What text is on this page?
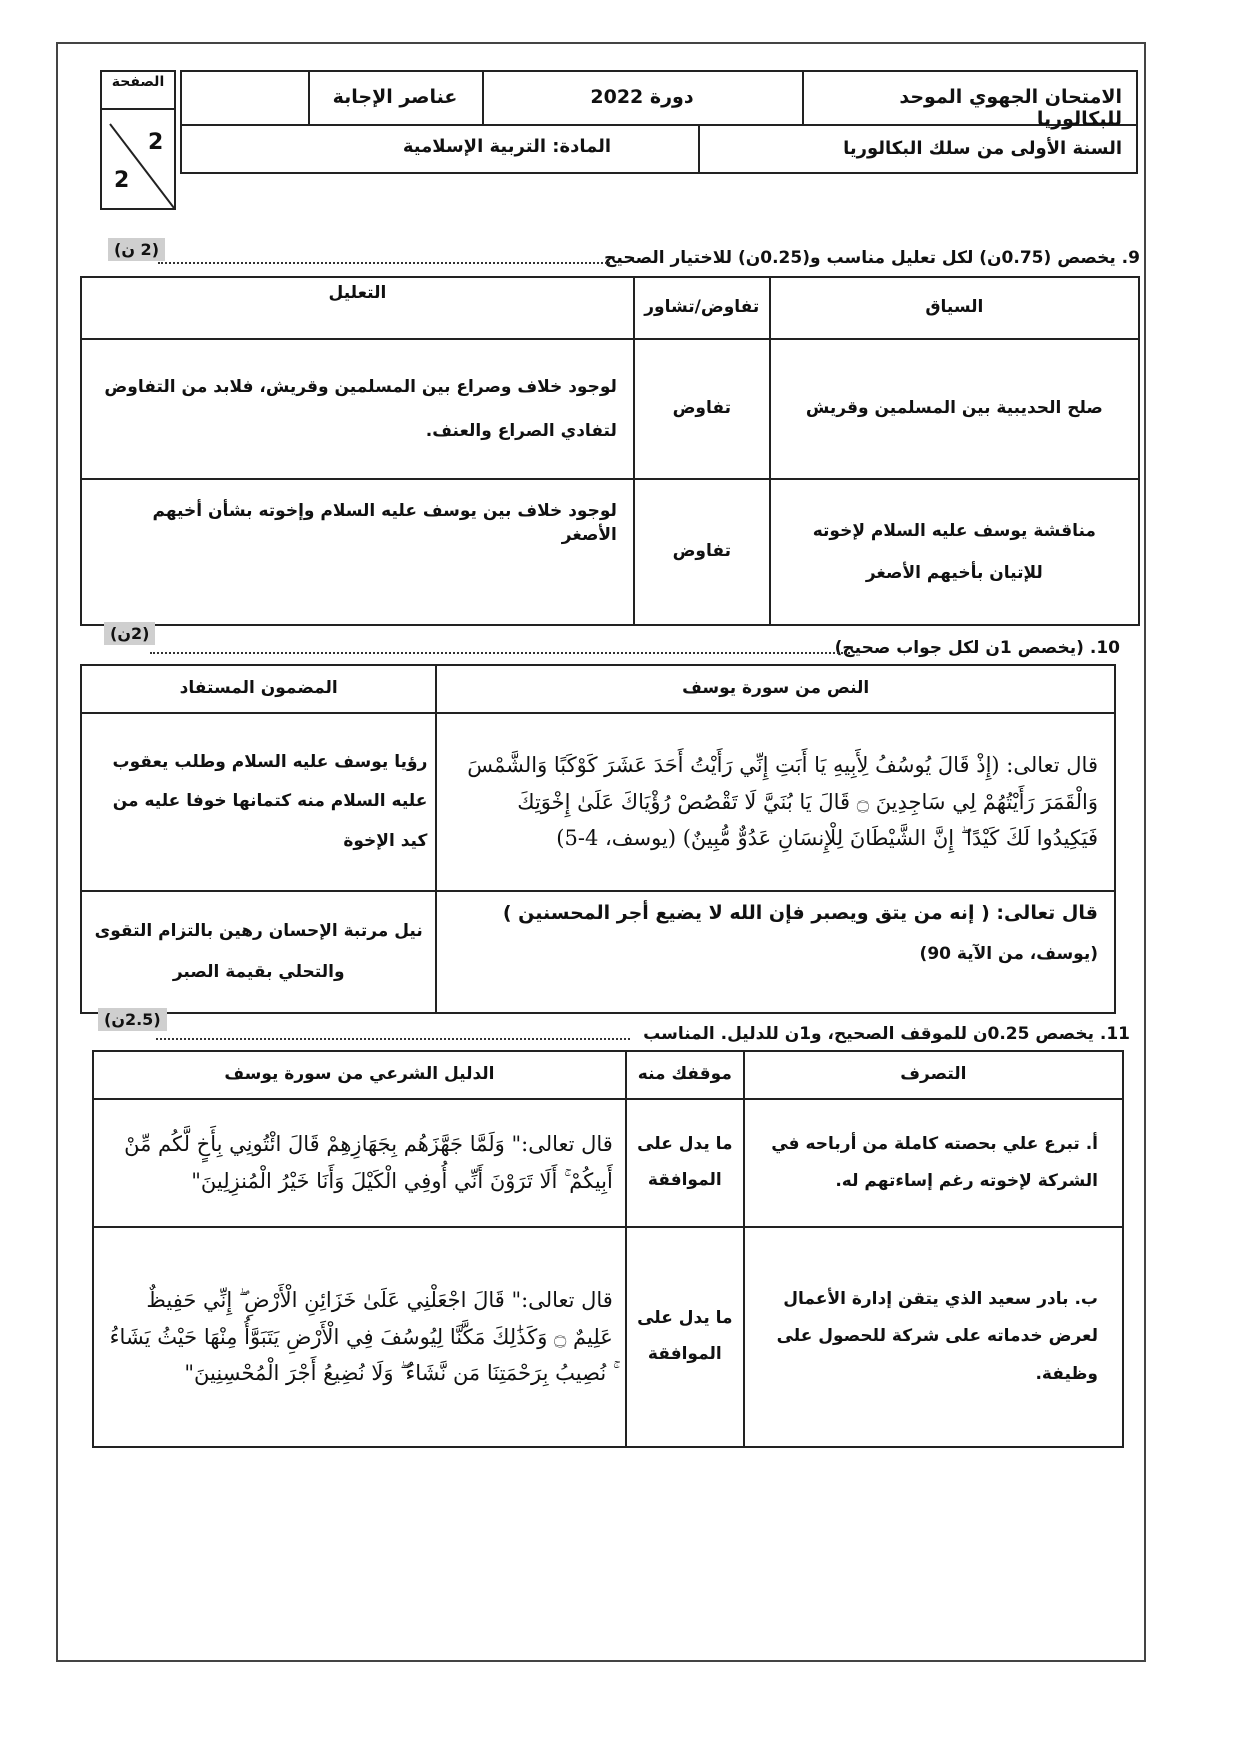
الصفحة
2
2
الامتحان الجهوي الموحد للبكالوريا
دورة 2022
عناصر الإجابة
السنة الأولى من سلك البكالوريا
المادة: التربية الإسلامية
9. يخصص (0.75ن) لكل تعليل مناسب و(0.25ن) للاختيار الصحيح
(2 ن)
السياق	تفاوض/تشاور	التعليل
صلح الحديبية بين المسلمين وقريش	تفاوض	لوجود خلاف وصراع بين المسلمين وقريش، فلابد من التفاوض
لتفادي الصراع والعنف.

مناقشة يوسف عليه السلام لإخوته للإتيان بأخيهم الأصغر	تفاوض	لوجود خلاف بين يوسف عليه السلام وإخوته بشأن أخيهم الأصغر
10. (يخصص 1ن لكل جواب صحيح)
(2ن)
النص من سورة يوسف	المضمون المستفاد

قال تعالى: (إِذْ قَالَ يُوسُفُ لِأَبِيهِ يَا أَبَتِ إِنِّي رَأَيْتُ أَحَدَ عَشَرَ كَوْكَبًا وَالشَّمْسَ وَالْقَمَرَ رَأَيْتُهُمْ لِي سَاجِدِينَ ۝ قَالَ يَا بُنَيَّ لَا تَقْصُصْ رُؤْيَاكَ عَلَىٰ إِخْوَتِكَ فَيَكِيدُوا لَكَ كَيْدًا ۖ إِنَّ الشَّيْطَانَ لِلْإِنسَانِ عَدُوٌّ مُّبِينٌ) (يوسف، 4-5)	رؤيا يوسف عليه السلام وطلب يعقوب عليه السلام منه كتمانها خوفا عليه من كيد الإخوة

قال تعالى: ( إنه من يتق ويصبر فإن الله لا يضيع أجر المحسنين )
(يوسف، من الآية 90)	نيل مرتبة الإحسان رهين بالتزام التقوى والتحلي بقيمة الصبر
11. يخصص 0.25ن للموقف الصحيح، و1ن للدليل. المناسب
(2.5ن)
التصرف	موقفك منه	الدليل الشرعي من سورة يوسف
أ. تبرع علي بحصته كاملة من أرباحه في الشركة لإخوته رغم إساءتهم له.	ما يدل على الموافقة	قال تعالى:" وَلَمَّا جَهَّزَهُم بِجَهَازِهِمْ قَالَ ائْتُونِي بِأَخٍ لَّكُم مِّنْ أَبِيكُمْ ۚ أَلَا تَرَوْنَ أَنِّي أُوفِي الْكَيْلَ وَأَنَا خَيْرُ الْمُنزِلِينَ"

ب. بادر سعيد الذي يتقن إدارة الأعمال لعرض خدماته على شركة للحصول على وظيفة.	ما يدل على الموافقة	قال تعالى:" قَالَ اجْعَلْنِي عَلَىٰ خَزَائِنِ الْأَرْضِ ۖ إِنِّي حَفِيظٌ عَلِيمٌ ۝ وَكَذَٰلِكَ مَكَّنَّا لِيُوسُفَ فِي الْأَرْضِ يَتَبَوَّأُ مِنْهَا حَيْثُ يَشَاءُ ۚ نُصِيبُ بِرَحْمَتِنَا مَن نَّشَاءُ ۖ وَلَا نُضِيعُ أَجْرَ الْمُحْسِنِينَ"
